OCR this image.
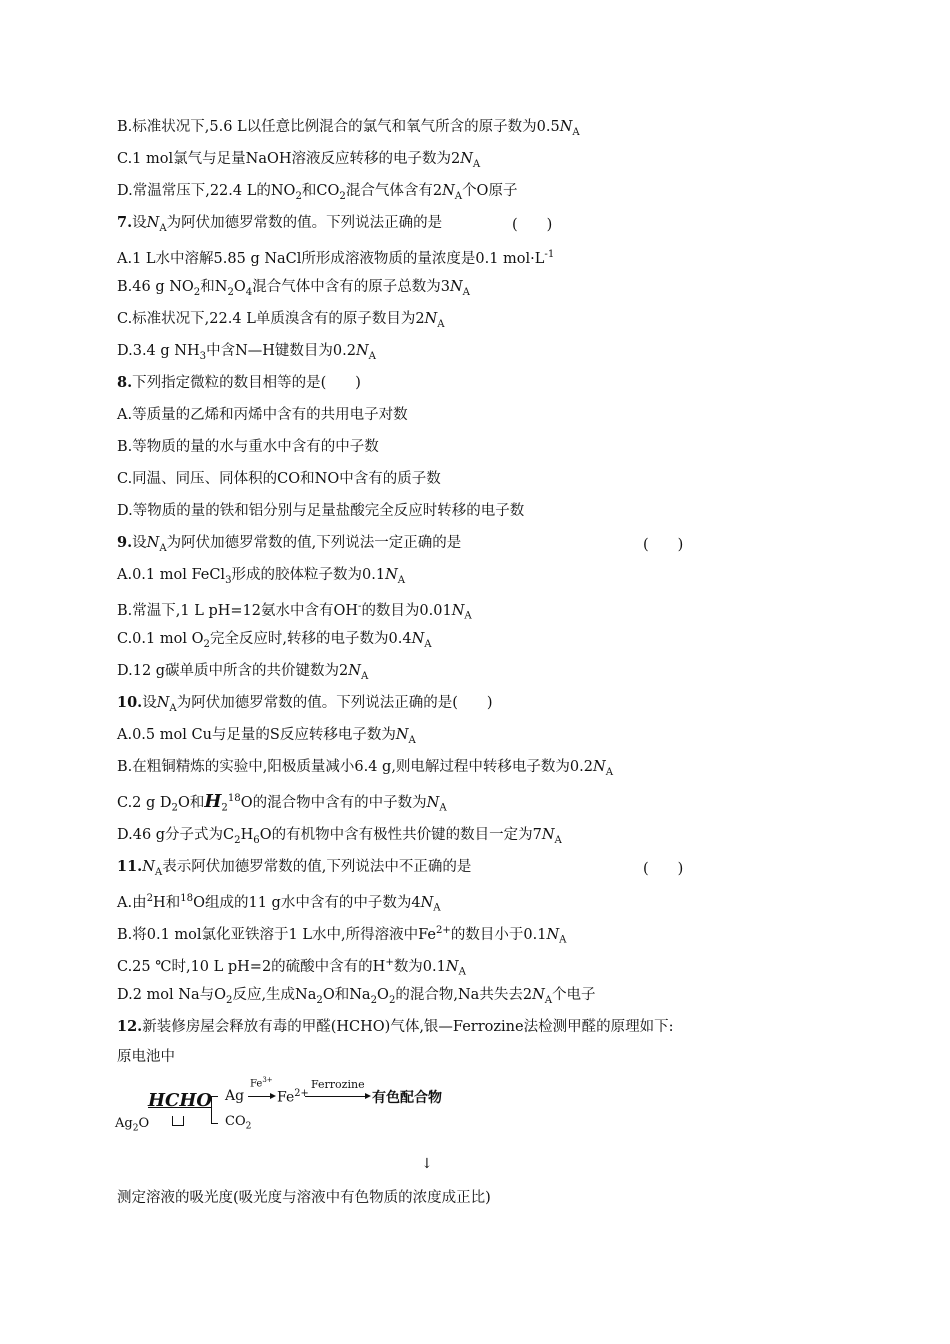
B.标准状况下,5.6 L以任意比例混合的氯气和氧气所含的原子数为$0.5N_A$
C.1 mol氯气与足量NaOH溶液反应转移的电子数为$2N_A$
D.常温常压下,22.4 L的$NO_2$和$CO_2$混合气体含有$2N_A$个O原子
7.设$N_A$为阿伏加德罗常数的值。下列说法正确的是	(　　)
A.1 L水中溶解5.85 g NaCl所形成溶液物质的量浓度是0.1 $mol\cdot L^{-1}$
B.46 g $NO_2$和$N_2O_4$混合气体中含有的原子总数为$3N_A$
C.标准状况下,22.4 L单质溴含有的原子数目为$2N_A$
D.3.4 g $NH_3$中含N—H键数目为$0.2N_A$
8.下列指定微粒的数目相等的是(　　)
A.等质量的乙烯和丙烯中含有的共用电子对数
B.等物质的量的水与重水中含有的中子数
C.同温、同压、同体积的CO和NO中含有的质子数
D.等物质的量的铁和铝分别与足量盐酸完全反应时转移的电子数
9.设$N_A$为阿伏加德罗常数的值,下列说法一定正确的是	(　　)
A.0.1 mol FeCl$_3$形成的胶体粒子数为$0.1N_A$
B.常温下,1 L pH=12氨水中含有OH-的数目为$0.01N_A$
C.0.1 mol $O_2$完全反应时,转移的电子数为$0.4N_A$
D.12 g碳单质中所含的共价键数为$2N_A$
10.设$N_A$为阿伏加德罗常数的值。下列说法正确的是(　　)
A.0.5 mol Cu与足量的S反应转移电子数为$N_A$
B.在粗铜精炼的实验中,阳极质量减小6.4 g,则电解过程中转移电子数为$0.2N_A$
C.2 g $D_2O$和$H_2^{18}O$的混合物中含有的中子数为$N_A$
D.46 g分子式为$C_2H_6O$的有机物中含有极性共价键的数目一定为$7N_A$
$11.N_A$表示阿伏加德罗常数的值,下列说法中不正确的是	(　　)
A.由$^2$H和$^{18}$O组成的11 g水中含有的中子数为$4N_A$
B.将0.1 mol氯化亚铁溶于1 L水中,所得溶液中$Fe^{2+}$的数目小于$0.1N_A$
C.25 ℃时,10 L pH=2的硫酸中含有的H+数为$0.1N_A$
D.2 mol Na与$O_2$反应,生成$Na_2O$和$Na_2O_2$的混合物,Na共失去$2N_A$个电子
12.新装修房屋会释放有毒的甲醛(HCHO)气体,银—Ferrozine法检测甲醛的原理如下:
原电池中
HCHO
$Ag_2O$
Ag
$CO_2$
$Fe^{3+}$
$Fe^{2+}$
Ferrozine
有色配合物
↓
测定溶液的吸光度(吸光度与溶液中有色物质的浓度成正比)
